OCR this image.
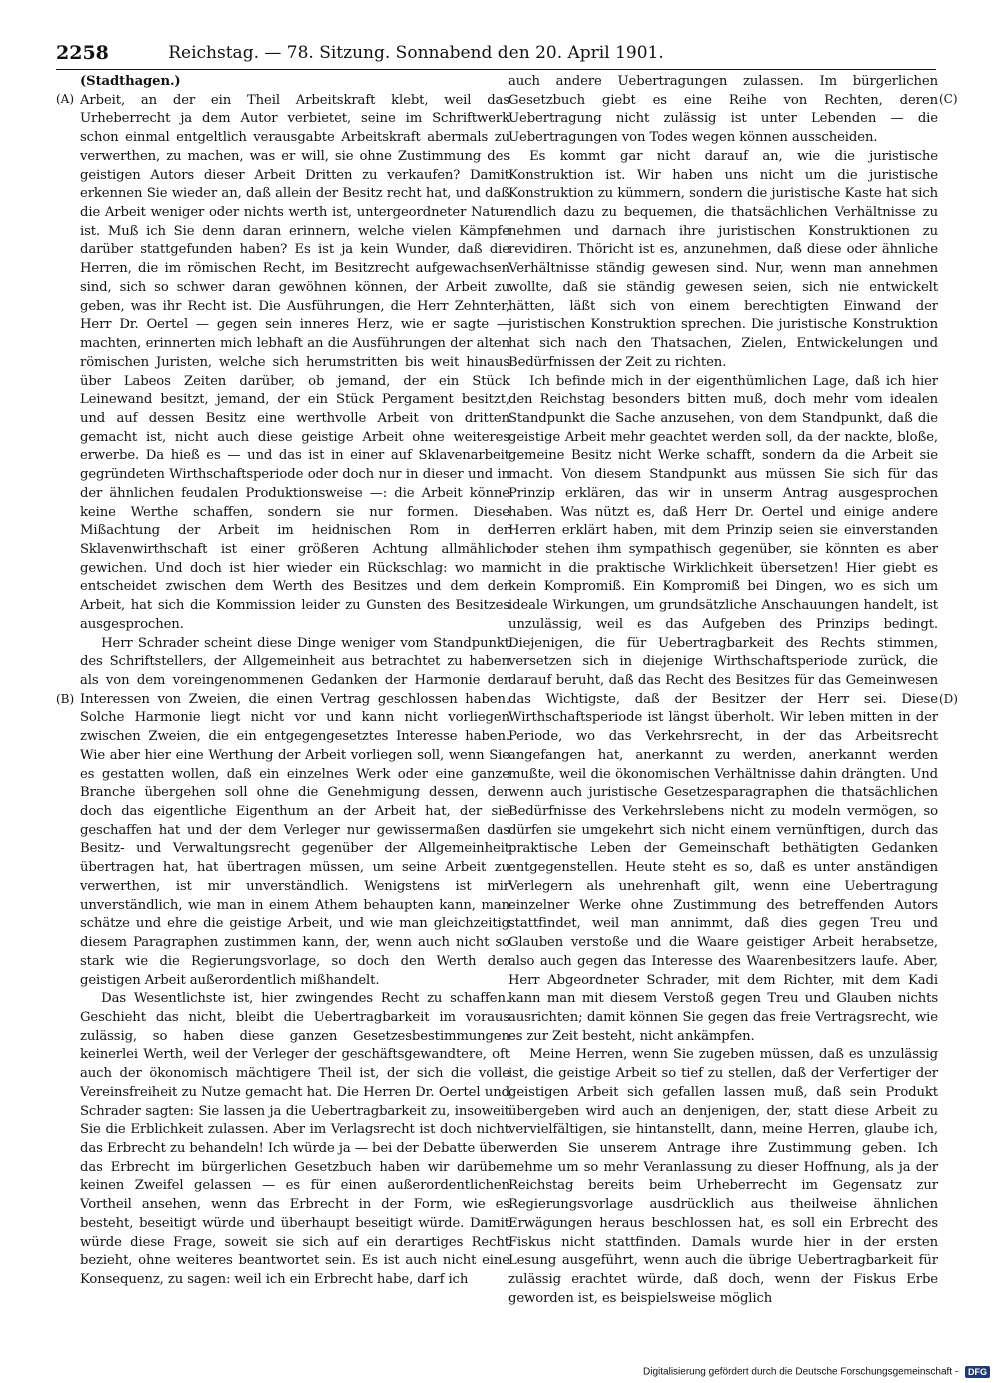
2258	Reichstag. — 78. Sitzung. Sonnabend den 20. April 1901.
(A)
(B)
(C)
(D)

(Stadthagen.)

Arbeit, an der ein Theil Arbeitskraft klebt, weil das Urheberrecht ja dem Autor verbietet, seine im Schriftwerk schon einmal entgeltlich verausgabte Arbeitskraft abermals zu verwerthen, zu machen, was er will, sie ohne Zustimmung des geistigen Autors dieser Arbeit Dritten zu verkaufen? Damit erkennen Sie wieder an, daß allein der Besitz recht hat, und daß die Arbeit weniger oder nichts werth ist, untergeordneter Natur ist. Muß ich Sie denn daran erinnern, welche vielen Kämpfe darüber stattgefunden haben? Es ist ja kein Wunder, daß die Herren, die im römischen Recht, im Besitzrecht aufgewachsen sind, sich so schwer daran gewöhnen können, der Arbeit zu geben, was ihr Recht ist. Die Ausführungen, die Herr Zehnter, Herr Dr. Oertel — gegen sein inneres Herz, wie er sagte — machten, erinnerten mich lebhaft an die Ausführungen der alten römischen Juristen, welche sich herumstritten bis weit hinaus über Labeos Zeiten darüber, ob jemand, der ein Stück Leinewand besitzt, jemand, der ein Stück Pergament besitzt, und auf dessen Besitz eine werthvolle Arbeit von dritten gemacht ist, nicht auch diese geistige Arbeit ohne weiteres erwerbe. Da hieß es — und das ist in einer auf Sklavenarbeit gegründeten Wirthschaftsperiode oder doch nur in dieser und in der ähnlichen feudalen Produktionsweise —: die Arbeit könne keine Werthe schaffen, sondern sie nur formen. Diese Mißachtung der Arbeit im heidnischen Rom in der Sklavenwirthschaft ist einer größeren Achtung allmählich gewichen. Und doch ist hier wieder ein Rückschlag: wo man entscheidet zwischen dem Werth des Besitzes und dem der Arbeit, hat sich die Kommission leider zu Gunsten des Besitzes ausgesprochen.

Herr Schrader scheint diese Dinge weniger vom Standpunkt des Schriftstellers, der Allgemeinheit aus betrachtet zu haben als von dem voreingenommenen Gedanken der Harmonie der Interessen von Zweien, die einen Vertrag geschlossen haben. Solche Harmonie liegt nicht vor und kann nicht vorliegen zwischen Zweien, die ein entgegengesetztes Interesse haben. Wie aber hier eine Werthung der Arbeit vorliegen soll, wenn Sie es gestatten wollen, daß ein einzelnes Werk oder eine ganze Branche übergehen soll ohne die Genehmigung dessen, der doch das eigentliche Eigenthum an der Arbeit hat, der sie geschaffen hat und der dem Verleger nur gewissermaßen das Besitz- und Verwaltungsrecht gegenüber der Allgemeinheit übertragen hat, hat übertragen müssen, um seine Arbeit zu verwerthen, ist mir unverständlich. Wenigstens ist mir unverständlich, wie man in einem Athem behaupten kann, man schätze und ehre die geistige Arbeit, und wie man gleichzeitig diesem Paragraphen zustimmen kann, der, wenn auch nicht so stark wie die Regierungsvorlage, so doch den Werth der geistigen Arbeit außerordentlich mißhandelt.

Das Wesentlichste ist, hier zwingendes Recht zu schaffen. Geschieht das nicht, bleibt die Uebertragbarkeit im voraus zulässig, so haben diese ganzen Gesetzesbestimmungen keinerlei Werth, weil der Verleger der geschäftsgewandtere, oft auch der ökonomisch mächtigere Theil ist, der sich die volle Vereinsfreiheit zu Nutze gemacht hat. Die Herren Dr. Oertel und Schrader sagten: Sie lassen ja die Uebertragbarkeit zu, insoweit Sie die Erblichkeit zulassen. Aber im Verlagsrecht ist doch nicht das Erbrecht zu behandeln! Ich würde ja — bei der Debatte über das Erbrecht im bürgerlichen Gesetzbuch haben wir darüber keinen Zweifel gelassen — es für einen außerordentlichen Vortheil ansehen, wenn das Erbrecht in der Form, wie es besteht, beseitigt würde und überhaupt beseitigt würde. Damit würde diese Frage, soweit sie sich auf ein derartiges Recht bezieht, ohne weiteres beantwortet sein. Es ist auch nicht eine Konsequenz, zu sagen: weil ich ein Erbrecht habe, darf ich

auch andere Uebertragungen zulassen. Im bürgerlichen Gesetzbuch giebt es eine Reihe von Rechten, deren Uebertragung nicht zulässig ist unter Lebenden — die Uebertragungen von Todes wegen können ausscheiden.

Es kommt gar nicht darauf an, wie die juristische Konstruktion ist. Wir haben uns nicht um die juristische Konstruktion zu kümmern, sondern die juristische Kaste hat sich endlich dazu zu bequemen, die thatsächlichen Verhältnisse zu nehmen und darnach ihre juristischen Konstruktionen zu revidiren. Thöricht ist es, anzunehmen, daß diese oder ähnliche Verhältnisse ständig gewesen sind. Nur, wenn man annehmen wollte, daß sie ständig gewesen seien, sich nie entwickelt hätten, läßt sich von einem berechtigten Einwand der juristischen Konstruktion sprechen. Die juristische Konstruktion hat sich nach den Thatsachen, Zielen, Entwickelungen und Bedürfnissen der Zeit zu richten.

Ich befinde mich in der eigenthümlichen Lage, daß ich hier den Reichstag besonders bitten muß, doch mehr vom idealen Standpunkt die Sache anzusehen, von dem Standpunkt, daß die geistige Arbeit mehr geachtet werden soll, da der nackte, bloße, gemeine Besitz nicht Werke schafft, sondern da die Arbeit sie macht. Von diesem Standpunkt aus müssen Sie sich für das Prinzip erklären, das wir in unserm Antrag ausgesprochen haben. Was nützt es, daß Herr Dr. Oertel und einige andere Herren erklärt haben, mit dem Prinzip seien sie einverstanden oder stehen ihm sympathisch gegenüber, sie könnten es aber nicht in die praktische Wirklichkeit übersetzen! Hier giebt es kein Kompromiß. Ein Kompromiß bei Dingen, wo es sich um ideale Wirkungen, um grundsätzliche Anschauungen handelt, ist unzulässig, weil es das Aufgeben des Prinzips bedingt. Diejenigen, die für Uebertragbarkeit des Rechts stimmen, versetzen sich in diejenige Wirthschaftsperiode zurück, die darauf beruht, daß das Recht des Besitzes für das Gemeinwesen das Wichtigste, daß der Besitzer der Herr sei. Diese Wirthschaftsperiode ist längst überholt. Wir leben mitten in der Periode, wo das Verkehrsrecht, in der das Arbeitsrecht angefangen hat, anerkannt zu werden, anerkannt werden mußte, weil die ökonomischen Verhältnisse dahin drängten. Und wenn auch juristische Gesetzesparagraphen die thatsächlichen Bedürfnisse des Verkehrslebens nicht zu modeln vermögen, so dürfen sie umgekehrt sich nicht einem vernünftigen, durch das praktische Leben der Gemeinschaft bethätigten Gedanken entgegenstellen. Heute steht es so, daß es unter anständigen Verlegern als unehrenhaft gilt, wenn eine Uebertragung einzelner Werke ohne Zustimmung des betreffenden Autors stattfindet, weil man annimmt, daß dies gegen Treu und Glauben verstoße und die Waare geistiger Arbeit herabsetze, also auch gegen das Interesse des Waarenbesitzers laufe. Aber, Herr Abgeordneter Schrader, mit dem Richter, mit dem Kadi kann man mit diesem Verstoß gegen Treu und Glauben nichts ausrichten; damit können Sie gegen das freie Vertragsrecht, wie es zur Zeit besteht, nicht ankämpfen.

Meine Herren, wenn Sie zugeben müssen, daß es unzulässig ist, die geistige Arbeit so tief zu stellen, daß der Verfertiger der geistigen Arbeit sich gefallen lassen muß, daß sein Produkt übergeben wird auch an denjenigen, der, statt diese Arbeit zu vervielfältigen, sie hintanstellt, dann, meine Herren, glaube ich, werden Sie unserem Antrage ihre Zustimmung geben. Ich nehme um so mehr Veranlassung zu dieser Hoffnung, als ja der Reichstag bereits beim Urheberrecht im Gegensatz zur Regierungsvorlage ausdrücklich aus theilweise ähnlichen Erwägungen heraus beschlossen hat, es soll ein Erbrecht des Fiskus nicht stattfinden. Damals wurde hier in der ersten Lesung ausgeführt, wenn auch die übrige Uebertragbarkeit für zulässig erachtet würde, daß doch, wenn der Fiskus Erbe geworden ist, es beispielsweise möglich

Digitalisierung gefördert durch die Deutsche Forschungsgemeinschaft - DFG
